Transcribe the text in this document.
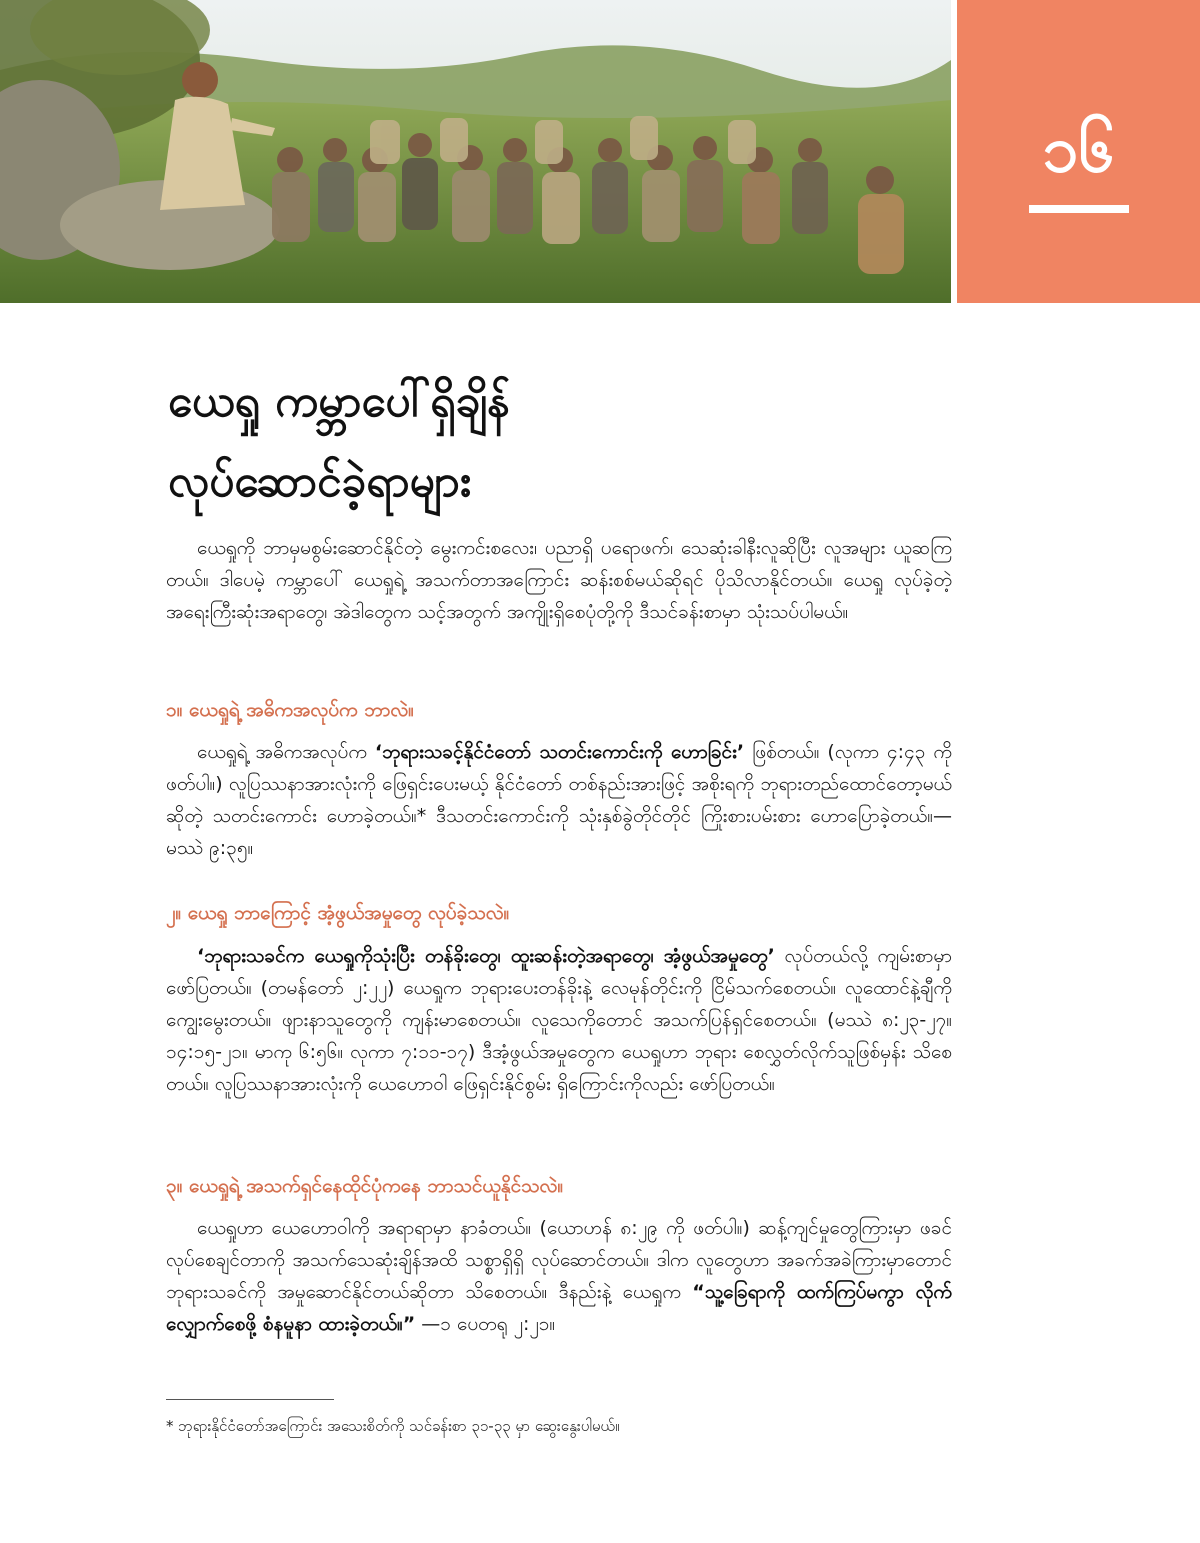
၁၆
ယေရှု ကမ္ဘာပေါ်ရှိချိန်
လုပ်ဆောင်ခဲ့ရာများ
ယေရှုကို ဘာမှမစွမ်းဆောင်နိုင်တဲ့ မွေးကင်းစလေး၊ ပညာရှိ ပရောဖက်၊ သေဆုံးခါနီးလူဆိုပြီး လူအများ ယူဆကြတယ်။ ဒါပေမဲ့ ကမ္ဘာပေါ် ယေရှုရဲ့ အသက်တာအကြောင်း ဆန်းစစ်မယ်ဆိုရင် ပိုသိလာနိုင်တယ်။ ယေရှု လုပ်ခဲ့တဲ့ အရေးကြီးဆုံးအရာတွေ၊ အဲဒါတွေက သင့်အတွက် အကျိုးရှိစေပုံတို့ကို ဒီသင်ခန်းစာမှာ သုံးသပ်ပါမယ်။
၁။ ယေရှုရဲ့ အဓိကအလုပ်က ဘာလဲ။
ယေရှုရဲ့ အဓိကအလုပ်က ‘ဘုရားသခင့်နိုင်ငံတော် သတင်းကောင်းကို ဟောခြင်း’ ဖြစ်တယ်။ (လုကာ ၄:၄၃ ကို ဖတ်ပါ။) လူပြဿနာအားလုံးကို ဖြေရှင်းပေးမယ့် နိုင်ငံတော် တစ်နည်းအားဖြင့် အစိုးရကို ဘုရားတည်ထောင်တော့မယ်ဆိုတဲ့ သတင်းကောင်း ဟောခဲ့တယ်။* ဒီသတင်းကောင်းကို သုံးနှစ်ခွဲတိုင်တိုင် ကြိုးစားပမ်းစား ဟောပြောခဲ့တယ်။—မဿဲ ၉:၃၅။
၂။ ယေရှု ဘာကြောင့် အံ့ဖွယ်အမှုတွေ လုပ်ခဲ့သလဲ။
‘ဘုရားသခင်က ယေရှုကိုသုံးပြီး တန်ခိုးတွေ၊ ထူးဆန်းတဲ့အရာတွေ၊ အံ့ဖွယ်အမှုတွေ’ လုပ်တယ်လို့ ကျမ်းစာမှာ ဖော်ပြတယ်။ (တမန်တော် ၂:၂၂) ယေရှုက ဘုရားပေးတန်ခိုးနဲ့ လေမုန်တိုင်းကို ငြိမ်သက်စေတယ်။ လူထောင်နဲ့ချီကို ကျွေးမွေးတယ်။ ဖျားနာသူတွေကို ကျန်းမာစေတယ်။ လူသေကိုတောင် အသက်ပြန်ရှင်စေတယ်။ (မဿဲ ၈:၂၃-၂၇။ ၁၄:၁၅-၂၁။ မာကု ၆:၅၆။ လုကာ ၇:၁၁-၁၇) ဒီအံ့ဖွယ်အမှုတွေက ယေရှုဟာ ဘုရား စေလွှတ်လိုက်သူဖြစ်မှန်း သိစေတယ်။ လူပြဿနာအားလုံးကို ယေဟောဝါ ဖြေရှင်းနိုင်စွမ်း ရှိကြောင်းကိုလည်း ဖော်ပြတယ်။
၃။ ယေရှုရဲ့ အသက်ရှင်နေထိုင်ပုံကနေ ဘာသင်ယူနိုင်သလဲ။
ယေရှုဟာ ယေဟောဝါကို အရာရာမှာ နာခံတယ်။ (ယောဟန် ၈:၂၉ ကို ဖတ်ပါ။) ဆန့်ကျင်မှုတွေကြားမှာ ဖခင်လုပ်စေချင်တာကို အသက်သေဆုံးချိန်အထိ သစ္စာရှိရှိ လုပ်ဆောင်တယ်။ ဒါက လူတွေဟာ အခက်အခဲကြားမှာတောင် ဘုရားသခင်ကို အမှုဆောင်နိုင်တယ်ဆိုတာ သိစေတယ်။ ဒီနည်းနဲ့ ယေရှုက “သူ့ခြေရာကို ထက်ကြပ်မကွာ လိုက်လျှောက်စေဖို့ စံနမူနာ ထားခဲ့တယ်။” —၁ ပေတရု ၂:၂၁။
* ဘုရားနိုင်ငံတော်အကြောင်း အသေးစိတ်ကို သင်ခန်းစာ ၃၁-၃၃ မှာ ဆွေးနွေးပါမယ်။
